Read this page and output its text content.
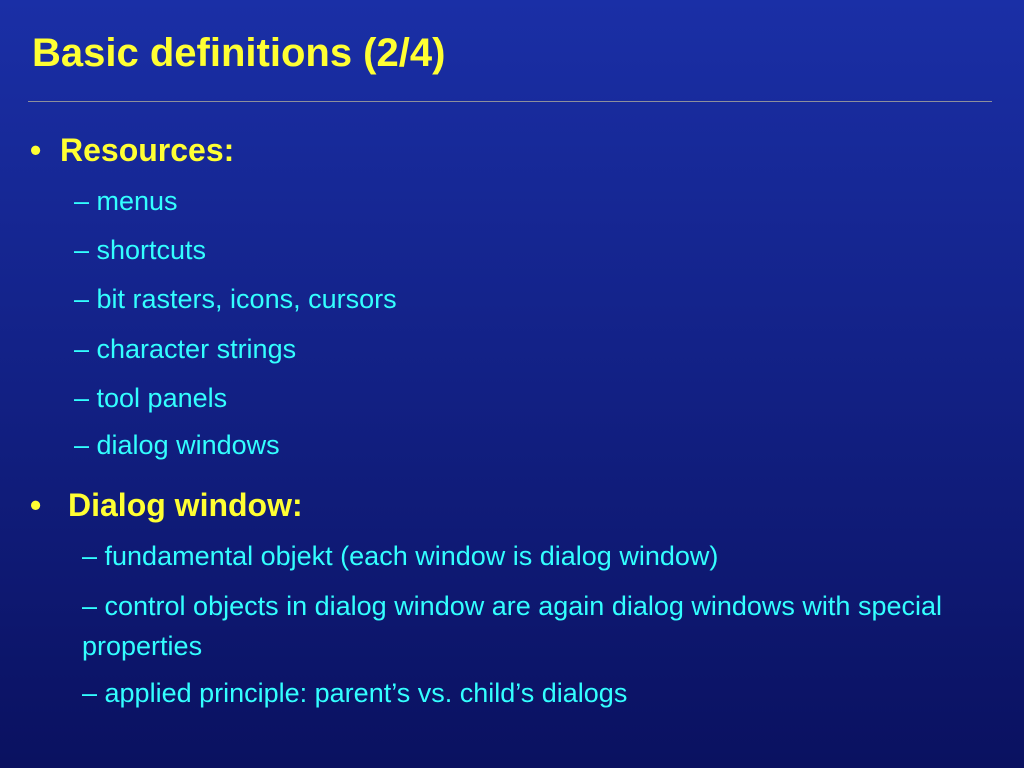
Basic definitions (2/4)
• Resources:
– menus
– shortcuts
– bit rasters, icons, cursors
– character strings
– tool panels
– dialog windows
• Dialog window:
– fundamental objekt (each window is dialog window)
– control objects in dialog window are again dialog windows with special properties
– applied principle: parent’s vs. child’s dialogs
